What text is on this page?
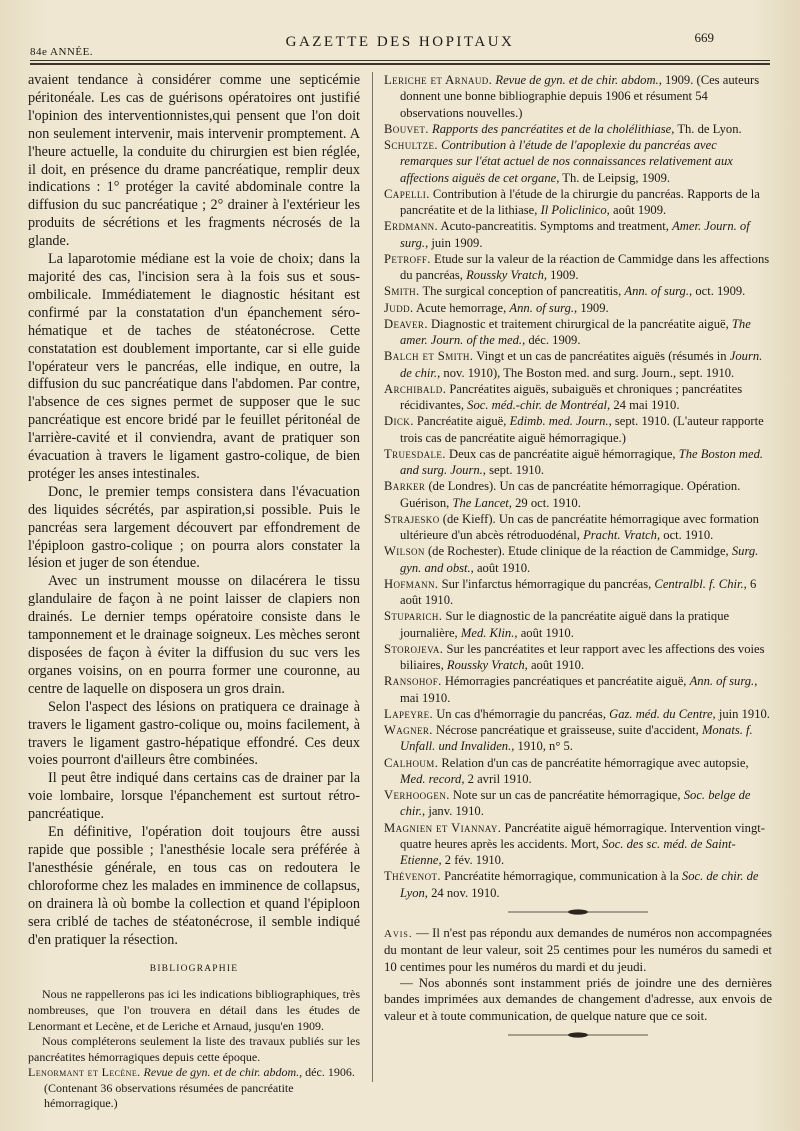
84e ANNÉE.
GAZETTE DES HOPITAUX	669

avaient tendance à considérer comme une septicémie péritonéale. Les cas de guérisons opératoires ont justifié l'opinion des interventionnistes,qui pensent que l'on doit non seulement intervenir, mais intervenir promptement. A l'heure actuelle, la conduite du chirurgien est bien réglée, il doit, en présence du drame pancréatique, remplir deux indications : 1° protéger la cavité abdominale contre la diffusion du suc pancréatique ; 2° drainer à l'extérieur les produits de sécrétions et les fragments nécrosés de la glande.

La laparotomie médiane est la voie de choix; dans la majorité des cas, l'incision sera à la fois sus et sous-ombilicale. Immédiatement le diagnostic hésitant est confirmé par la constatation d'un épanchement séro-hématique et de taches de stéatonécrose. Cette constatation est doublement importante, car si elle guide l'opérateur vers le pancréas, elle indique, en outre, la diffusion du suc pancréatique dans l'abdomen. Par contre, l'absence de ces signes permet de supposer que le suc pancréatique est encore bridé par le feuillet péritonéal de l'arrière-cavité et il conviendra, avant de pratiquer son évacuation à travers le ligament gastro-colique, de bien protéger les anses intestinales.

Donc, le premier temps consistera dans l'évacuation des liquides sécrétés, par aspiration,si possible. Puis le pancréas sera largement découvert par effondrement de l'épiploon gastro-colique ; on pourra alors constater la lésion et juger de son étendue.

Avec un instrument mousse on dilacérera le tissu glandulaire de façon à ne point laisser de clapiers non drainés. Le dernier temps opératoire consiste dans le tamponnement et le drainage soigneux. Les mèches seront disposées de façon à éviter la diffusion du suc vers les organes voisins, on en pourra former une couronne, au centre de laquelle on disposera un gros drain.

Selon l'aspect des lésions on pratiquera ce drainage à travers le ligament gastro-colique ou, moins facilement, à travers le ligament gastro-hépatique effondré. Ces deux voies pourront d'ailleurs être combinées.

Il peut être indiqué dans certains cas de drainer par la voie lombaire, lorsque l'épanchement est surtout rétro-pancréatique.

En définitive, l'opération doit toujours être aussi rapide que possible ; l'anesthésie locale sera préférée à l'anesthésie générale, en tous cas on redoutera le chloroforme chez les malades en imminence de collapsus, on drainera là où bombe la collection et quand l'épiploon sera criblé de taches de stéatonécrose, il semble indiqué d'en pratiquer la résection.

BIBLIOGRAPHIE

Nous ne rappellerons pas ici les indications bibliographiques, très nombreuses, que l'on trouvera en détail dans les études de Lenormant et Lecène, et de Leriche et Arnaud, jusqu'en 1909.

Nous compléterons seulement la liste des travaux publiés sur les pancréatites hémorragiques depuis cette époque.

Lenormant et Lecène. Revue de gyn. et de chir. abdom., déc. 1906. (Contenant 36 observations résumées de pancréatite hémorragique.)

Leriche et Arnaud. Revue de gyn. et de chir. abdom., 1909. (Ces auteurs donnent une bonne bibliographie depuis 1906 et résument 54 observations nouvelles.)

Bouvet. Rapports des pancréatites et de la cholélithiase, Th. de Lyon.

Schultze. Contribution à l'étude de l'apoplexie du pancréas avec remarques sur l'état actuel de nos connaissances relativement aux affections aiguës de cet organe, Th. de Leipsig, 1909.

Capelli. Contribution à l'étude de la chirurgie du pancréas. Rapports de la pancréatite et de la lithiase, Il Policlinico, août 1909.

Erdmann. Acuto-pancreatitis. Symptoms and treatment, Amer. Journ. of surg., juin 1909.

Petroff. Etude sur la valeur de la réaction de Cammidge dans les affections du pancréas, Roussky Vratch, 1909.

Smith. The surgical conception of pancreatitis, Ann. of surg., oct. 1909.

Judd. Acute hemorrage, Ann. of surg., 1909.

Deaver. Diagnostic et traitement chirurgical de la pancréatite aiguë, The amer. Journ. of the med., déc. 1909.

Balch et Smith. Vingt et un cas de pancréatites aiguës (résumés in Journ. de chir., nov. 1910), The Boston med. and surg. Journ., sept. 1910.

Archibald. Pancréatites aiguës, subaiguës et chroniques ; pancréatites récidivantes, Soc. méd.-chir. de Montréal, 24 mai 1910.

Dick. Pancréatite aiguë, Edimb. med. Journ., sept. 1910. (L'auteur rapporte trois cas de pancréatite aiguë hémorragique.)

Truesdale. Deux cas de pancréatite aiguë hémorragique, The Boston med. and surg. Journ., sept. 1910.

Barker (de Londres). Un cas de pancréatite hémorragique. Opération. Guérison, The Lancet, 29 oct. 1910.

Strajesko (de Kieff). Un cas de pancréatite hémorragique avec formation ultérieure d'un abcès rétroduodénal, Pracht. Vratch, oct. 1910.

Wilson (de Rochester). Etude clinique de la réaction de Cammidge, Surg. gyn. and obst., août 1910.

Hofmann. Sur l'infarctus hémorragique du pancréas, Centralbl. f. Chir., 6 août 1910.

Stuparich. Sur le diagnostic de la pancréatite aiguë dans la pratique journalière, Med. Klin., août 1910.

Storojeva. Sur les pancréatites et leur rapport avec les affections des voies biliaires, Roussky Vratch, août 1910.

Ransohof. Hémorragies pancréatiques et pancréatite aiguë, Ann. of surg., mai 1910.

Lapeyre. Un cas d'hémorragie du pancréas, Gaz. méd. du Centre, juin 1910.

Wagner. Nécrose pancréatique et graisseuse, suite d'accident, Monats. f. Unfall. und Invaliden., 1910, n° 5.

Calhoum. Relation d'un cas de pancréatite hémorragique avec autopsie, Med. record, 2 avril 1910.

Verhoogen. Note sur un cas de pancréatite hémorragique, Soc. belge de chir., janv. 1910.

Magnien et Viannay. Pancréatite aiguë hémorragique. Intervention vingt-quatre heures après les accidents. Mort, Soc. des sc. méd. de Saint-Etienne, 2 fév. 1910.

Thévenot. Pancréatite hémorragique, communication à la Soc. de chir. de Lyon, 24 nov. 1910.

Avis. — Il n'est pas répondu aux demandes de numéros non accompagnées du montant de leur valeur, soit 25 centimes pour les numéros du samedi et 10 centimes pour les numéros du mardi et du jeudi.

— Nos abonnés sont instamment priés de joindre une des dernières bandes imprimées aux demandes de changement d'adresse, aux envois de valeur et à toute communication, de quelque nature que ce soit.
